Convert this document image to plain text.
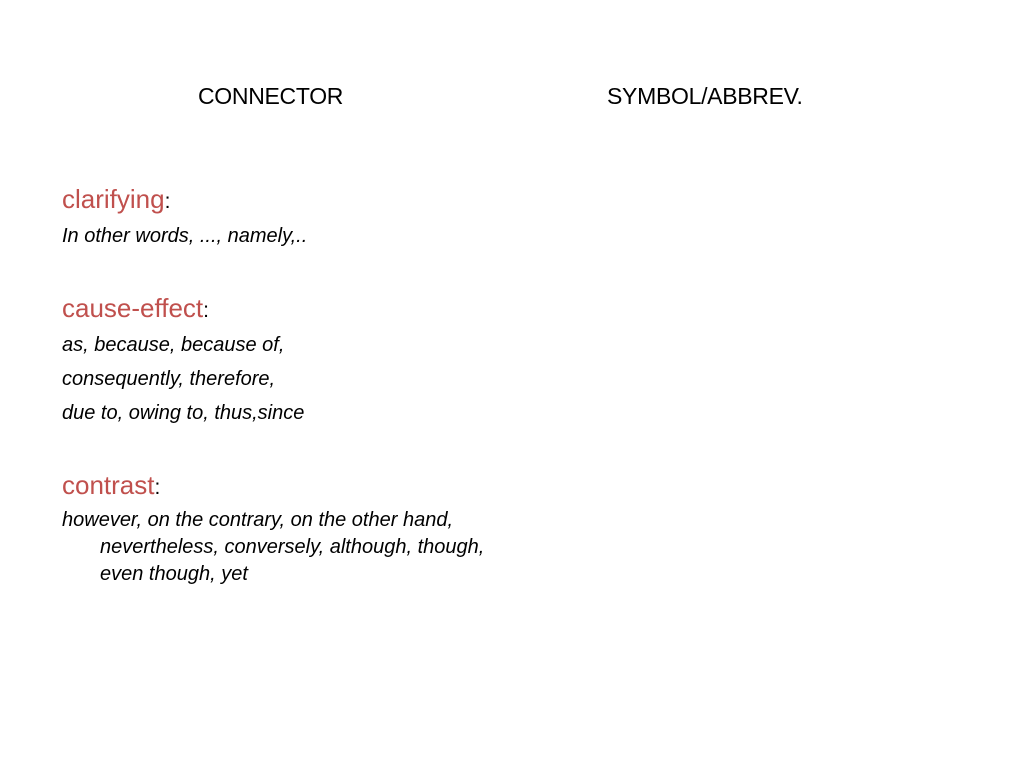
CONNECTOR	SYMBOL/ABBREV.

clarifying:

In other words, ..., namely,..

cause-effect:

as, because, because of,

consequently, therefore,

due to, owing to, thus,since

contrast:

however, on the contrary, on the other hand, nevertheless, conversely, although, though, even though, yet
